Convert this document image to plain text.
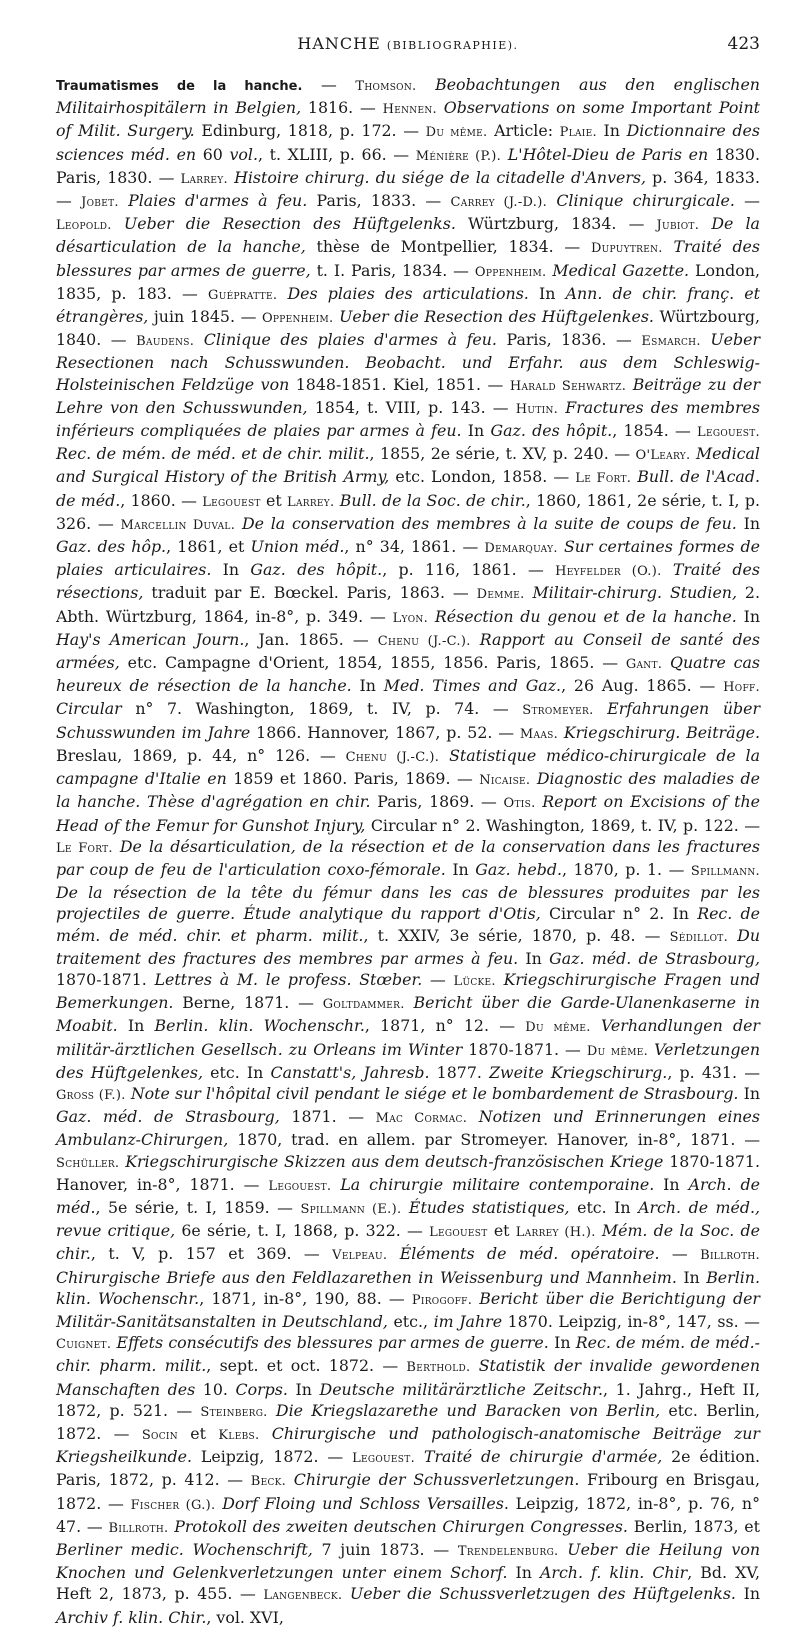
HANCHE (BIBLIOGRAPHIE).	423

Traumatismes de la hanche. — Thomson. Beobachtungen aus den englischen Militairhospitälern in Belgien, 1816. — Hennen. Observations on some Important Point of Milit. Surgery. Edinburg, 1818, p. 172. — Du même. Article: Plaie. In Dictionnaire des sciences méd. en 60 vol., t. XLIII, p. 66. — Ménière (P.). L'Hôtel-Dieu de Paris en 1830. Paris, 1830. — Larrey. Histoire chirurg. du siége de la citadelle d'Anvers, p. 364, 1833. — Jobet. Plaies d'armes à feu. Paris, 1833. — Carrey (J.-D.). Clinique chirurgicale. — Leopold. Ueber die Resection des Hüftgelenks. Würtzburg, 1834. — Jubiot. De la désarticulation de la hanche, thèse de Montpellier, 1834. — Dupuytren. Traité des blessures par armes de guerre, t. I. Paris, 1834. — Oppenheim. Medical Gazette. London, 1835, p. 183. — Guépratte. Des plaies des articulations. In Ann. de chir. franç. et étrangères, juin 1845. — Oppenheim. Ueber die Resection des Hüftgelenkes. Würtzbourg, 1840. — Baudens. Clinique des plaies d'armes à feu. Paris, 1836. — Esmarch. Ueber Resectionen nach Schusswunden. Beobacht. und Erfahr. aus dem Schleswig-Holsteinischen Feldzüge von 1848-1851. Kiel, 1851. — Harald Sehwartz. Beiträge zu der Lehre von den Schusswunden, 1854, t. VIII, p. 143. — Hutin. Fractures des membres inférieurs compliquées de plaies par armes à feu. In Gaz. des hôpit., 1854. — Legouest. Rec. de mém. de méd. et de chir. milit., 1855, 2e série, t. XV, p. 240. — O'Leary. Medical and Surgical History of the British Army, etc. London, 1858. — Le Fort. Bull. de l'Acad. de méd., 1860. — Legouest et Larrey. Bull. de la Soc. de chir., 1860, 1861, 2e série, t. I, p. 326. — Marcellin Duval. De la conservation des membres à la suite de coups de feu. In Gaz. des hôp., 1861, et Union méd., n° 34, 1861. — Demarquay. Sur certaines formes de plaies articulaires. In Gaz. des hôpit., p. 116, 1861. — Heyfelder (O.). Traité des résections, traduit par E. Bœckel. Paris, 1863. — Demme. Militair-chirurg. Studien, 2. Abth. Würtzburg, 1864, in-8°, p. 349. — Lyon. Résection du genou et de la hanche. In Hay's American Journ., Jan. 1865. — Chenu (J.-C.). Rapport au Conseil de santé des armées, etc. Campagne d'Orient, 1854, 1855, 1856. Paris, 1865. — Gant. Quatre cas heureux de résection de la hanche. In Med. Times and Gaz., 26 Aug. 1865. — Hoff. Circular n° 7. Washington, 1869, t. IV, p. 74. — Stromeyer. Erfahrungen über Schusswunden im Jahre 1866. Hannover, 1867, p. 52. — Maas. Kriegschirurg. Beiträge. Breslau, 1869, p. 44, n° 126. — Chenu (J.-C.). Statistique médico-chirurgicale de la campagne d'Italie en 1859 et 1860. Paris, 1869. — Nicaise. Diagnostic des maladies de la hanche. Thèse d'agrégation en chir. Paris, 1869. — Otis. Report on Excisions of the Head of the Femur for Gunshot Injury, Circular n° 2. Washington, 1869, t. IV, p. 122. — Le Fort. De la désarticulation, de la résection et de la conservation dans les fractures par coup de feu de l'articulation coxo-fémorale. In Gaz. hebd., 1870, p. 1. — Spillmann. De la résection de la tête du fémur dans les cas de blessures produites par les projectiles de guerre. Étude analytique du rapport d'Otis, Circular n° 2. In Rec. de mém. de méd. chir. et pharm. milit., t. XXIV, 3e série, 1870, p. 48. — Sédillot. Du traitement des fractures des membres par armes à feu. In Gaz. méd. de Strasbourg, 1870-1871. Lettres à M. le profess. Stœber. — Lücke. Kriegschirurgische Fragen und Bemerkungen. Berne, 1871. — Goltdammer. Bericht über die Garde-Ulanenkaserne in Moabit. In Berlin. klin. Wochenschr., 1871, n° 12. — Du même. Verhandlungen der militär-ärztlichen Gesellsch. zu Orleans im Winter 1870-1871. — Du même. Verletzungen des Hüftgelenkes, etc. In Canstatt's, Jahresb. 1877. Zweite Kriegschirurg., p. 431. — Gross (F.). Note sur l'hôpital civil pendant le siége et le bombardement de Strasbourg. In Gaz. méd. de Strasbourg, 1871. — Mac Cormac. Notizen und Erinnerungen eines Ambulanz-Chirurgen, 1870, trad. en allem. par Stromeyer. Hanover, in-8°, 1871. — Schüller. Kriegschirurgische Skizzen aus dem deutsch-französischen Kriege 1870-1871. Hanover, in-8°, 1871. — Legouest. La chirurgie militaire contemporaine. In Arch. de méd., 5e série, t. I, 1859. — Spillmann (E.). Études statistiques, etc. In Arch. de méd., revue critique, 6e série, t. I, 1868, p. 322. — Legouest et Larrey (H.). Mém. de la Soc. de chir., t. V, p. 157 et 369. — Velpeau. Éléments de méd. opératoire. — Billroth. Chirurgische Briefe aus den Feldlazarethen in Weissenburg und Mannheim. In Berlin. klin. Wochenschr., 1871, in-8°, 190, 88. — Pirogoff. Bericht über die Berichtigung der Militär-Sanitätsanstalten in Deutschland, etc., im Jahre 1870. Leipzig, in-8°, 147, ss. — Cuignet. Effets consécutifs des blessures par armes de guerre. In Rec. de mém. de méd.-chir. pharm. milit., sept. et oct. 1872. — Berthold. Statistik der invalide gewordenen Manschaften des 10. Corps. In Deutsche militärärztliche Zeitschr., 1. Jahrg., Heft II, 1872, p. 521. — Steinberg. Die Kriegslazarethe und Baracken von Berlin, etc. Berlin, 1872. — Socin et Klebs. Chirurgische und pathologisch-anatomische Beiträge zur Kriegsheilkunde. Leipzig, 1872. — Legouest. Traité de chirurgie d'armée, 2e édition. Paris, 1872, p. 412. — Beck. Chirurgie der Schussverletzungen. Fribourg en Brisgau, 1872. — Fischer (G.). Dorf Floing und Schloss Versailles. Leipzig, 1872, in-8°, p. 76, n° 47. — Billroth. Protokoll des zweiten deutschen Chirurgen Congresses. Berlin, 1873, et Berliner medic. Wochenschrift, 7 juin 1873. — Trendelenburg. Ueber die Heilung von Knochen und Gelenkverletzungen unter einem Schorf. In Arch. f. klin. Chir, Bd. XV, Heft 2, 1873, p. 455. — Langenbeck. Ueber die Schussverletzugen des Hüftgelenks. In Archiv f. klin. Chir., vol. XVI,
